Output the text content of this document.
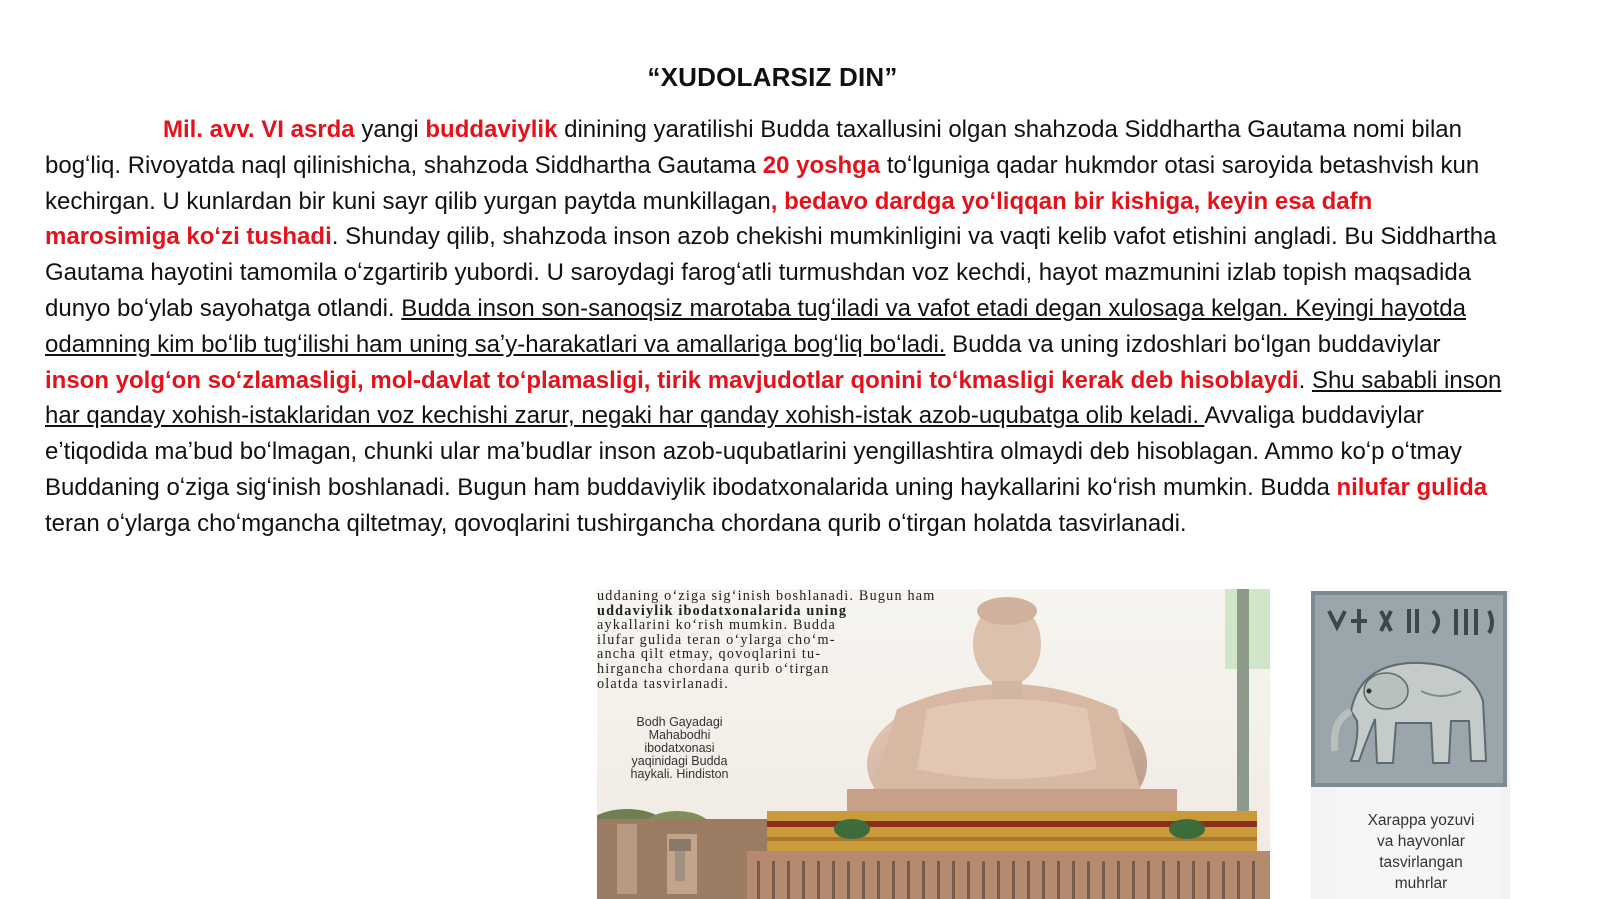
“XUDOLARSIZ DIN”

Mil. avv. VI asrda yangi buddaviylik dinining yaratilishi Budda taxallusini olgan shahzoda Siddhartha Gautama nomi bilan bogʻliq. Rivoyatda naql qilinishicha, shahzoda Siddhartha Gautama 20 yoshga toʻlguniga qadar hukmdor otasi saroyida betashvish kun kechirgan. U kunlardan bir kuni sayr qilib yurgan paytda munkillagan, bedavo dardga yoʻliqqan bir kishiga, keyin esa dafn marosimiga koʻzi tushadi. Shunday qilib, shahzoda inson azob chekishi mumkinligini va vaqti kelib vafot etishini angladi. Bu Siddhartha Gautama hayotini tamomila oʻzgartirib yubordi. U saroydagi farogʻatli turmushdan voz kechdi, hayot mazmunini izlab topish maqsadida dunyo boʻylab sayohatga otlandi. Budda inson son-sanoqsiz marotaba tugʻiladi va vafot etadi degan xulosaga kelgan. Keyingi hayotda odamning kim boʻlib tugʻilishi ham uning saʼy-harakatlari va amallariga bogʻliq boʻladi. Budda va uning izdoshlari boʻlgan buddaviylar inson yolgʻon soʻzlamasligi, mol-davlat toʻplamasligi, tirik mavjudotlar qonini toʻkmasligi kerak deb hisoblaydi. Shu sababli inson har qanday xohish-istaklaridan voz kechishi zarur, negaki har qanday xohish-istak azob-uqubatga olib keladi. Avvaliga buddaviylar eʼtiqodida maʼbud boʻlmagan, chunki ular maʼbudlar inson azob-uqubatlarini yengillashtira olmaydi deb hisoblagan. Ammo koʻp oʻtmay Buddaning oʻziga sigʻinish boshlanadi. Bugun ham buddaviylik ibodatxonalarida uning haykallarini koʻrish mumkin. Budda nilufar gulida teran oʻylarga choʻmgancha qiltetmay, qovoqlarini tushirgancha chordana qurib oʻtirgan holatda tasvirlanadi.

uddaning oʻziga sigʻinish boshlanadi. Bugun ham
uddaviylik ibodatxonalarida uning
aykallarini koʻrish mumkin. Budda
ilufar gulida teran oʻylarga choʻm-
ancha qilt etmay, qovoqlarini tu-
hirgancha chordana qurib oʻtirgan
olatda tasvirlanadi.
Bodh Gayadagi
Mahabodhi
ibodatxonasi
yaqinidagi Budda
haykali. Hindiston
Xarappa yozuvi
va hayvonlar
tasvirlangan
muhrlar
